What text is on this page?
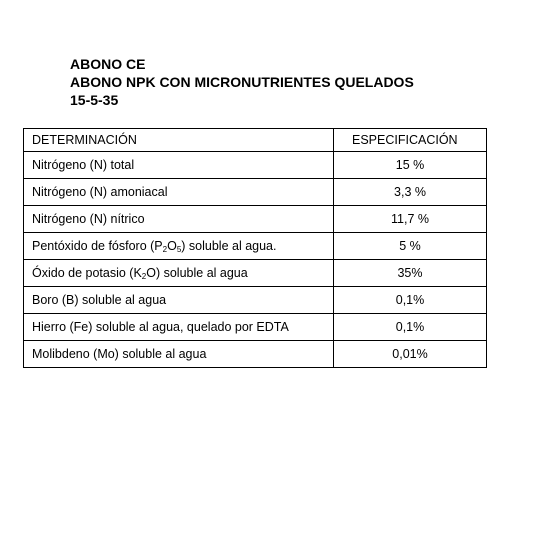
ABONO CE
ABONO NPK CON MICRONUTRIENTES QUELADOS
15-5-35
DETERMINACIÓN	ESPECIFICACIÓN
Nitrógeno (N) total	15 %
Nitrógeno (N) amoniacal	3,3 %
Nitrógeno (N) nítrico	11,7 %
Pentóxido de fósforo $(P_2O_5)$ soluble al agua.	5 %
Óxido de potasio $(K_2O)$ soluble al agua	35%
Boro (B) soluble al agua	0,1%
Hierro (Fe) soluble al agua, quelado por EDTA	0,1%
Molibdeno (Mo) soluble al agua	0,01%
